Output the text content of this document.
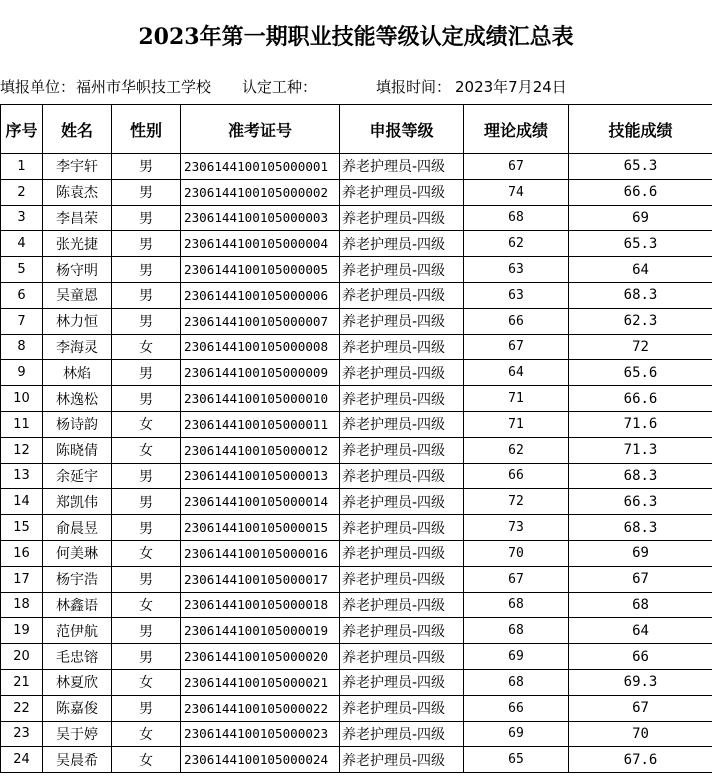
2023年第一期职业技能等级认定成绩汇总表
填报单位： 福州市华帜技工学校 认定工种：	填报时间： 2023年7月24日
序号	姓名	性别	准考证号	申报等级	理论成绩	技能成绩
1	李宇轩	男	2306144100105000001	养老护理员-四级	67	65.3
2	陈袁杰	男	2306144100105000002	养老护理员-四级	74	66.6
3	李昌荣	男	2306144100105000003	养老护理员-四级	68	69
4	张光捷	男	2306144100105000004	养老护理员-四级	62	65.3
5	杨守明	男	2306144100105000005	养老护理员-四级	63	64
6	吴童恩	男	2306144100105000006	养老护理员-四级	63	68.3
7	林力恒	男	2306144100105000007	养老护理员-四级	66	62.3
8	李海灵	女	2306144100105000008	养老护理员-四级	67	72
9	林焰	男	2306144100105000009	养老护理员-四级	64	65.6
10	林逸松	男	2306144100105000010	养老护理员-四级	71	66.6
11	杨诗韵	女	2306144100105000011	养老护理员-四级	71	71.6
12	陈晓倩	女	2306144100105000012	养老护理员-四级	62	71.3
13	余延宇	男	2306144100105000013	养老护理员-四级	66	68.3
14	郑凯伟	男	2306144100105000014	养老护理员-四级	72	66.3
15	俞晨昱	男	2306144100105000015	养老护理员-四级	73	68.3
16	何美琳	女	2306144100105000016	养老护理员-四级	70	69
17	杨宇浩	男	2306144100105000017	养老护理员-四级	67	67
18	林鑫语	女	2306144100105000018	养老护理员-四级	68	68
19	范伊航	男	2306144100105000019	养老护理员-四级	68	64
20	毛忠镕	男	2306144100105000020	养老护理员-四级	69	66
21	林夏欣	女	2306144100105000021	养老护理员-四级	68	69.3
22	陈嘉俊	男	2306144100105000022	养老护理员-四级	66	67
23	吴于婷	女	2306144100105000023	养老护理员-四级	69	70
24	吴晨希	女	2306144100105000024	养老护理员-四级	65	67.6
